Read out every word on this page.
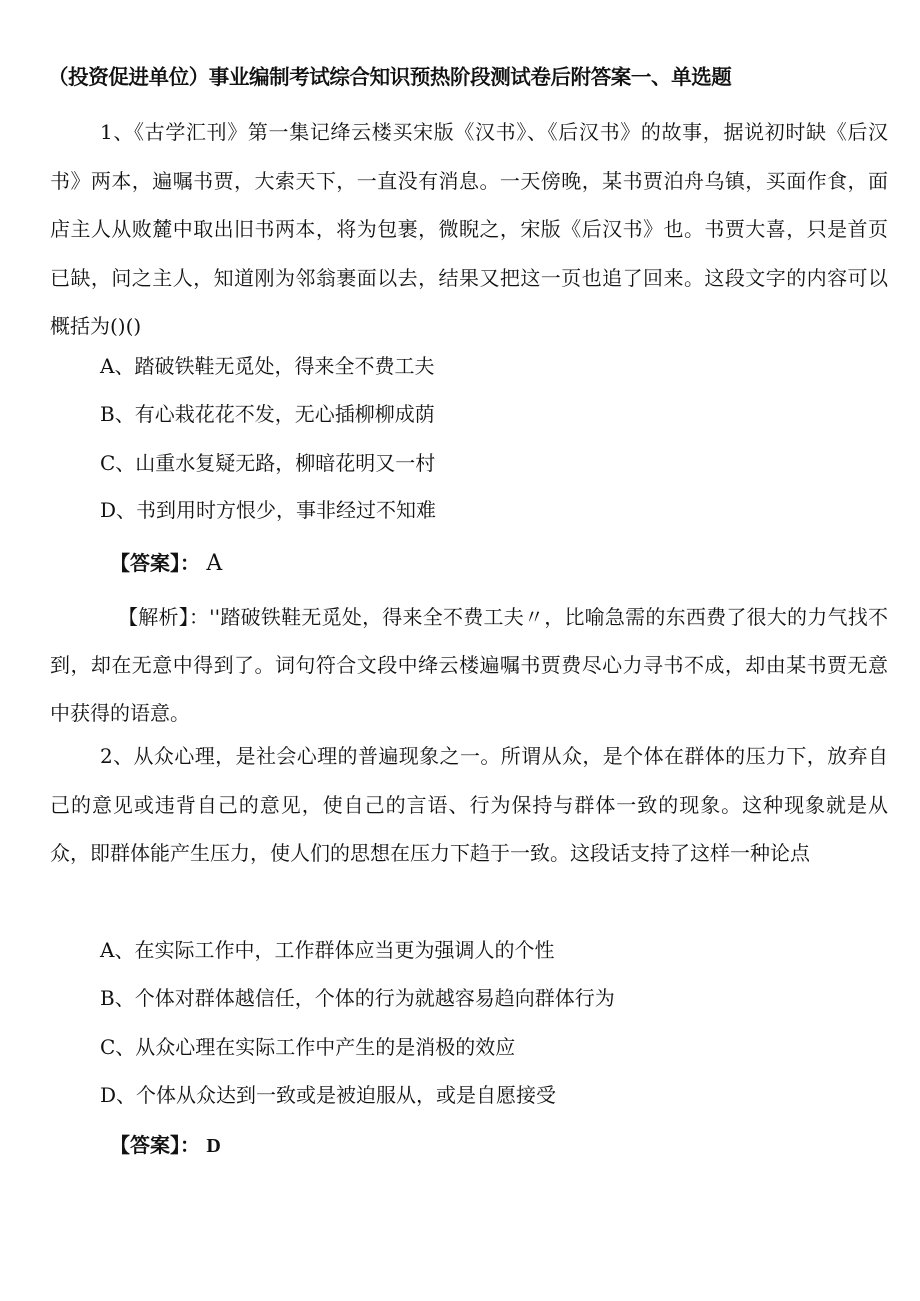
（投资促进单位）事业编制考试综合知识预热阶段测试卷后附答案一、单选题
1、《古学汇刊》第一集记绛云楼买宋版《汉书》、《后汉书》的故事，据说初时缺《后汉书》两本，遍嘱书贾，大索天下，一直没有消息。一天傍晚，某书贾泊舟乌镇，买面作食，面店主人从败麓中取出旧书两本，将为包裹，微睨之，宋版《后汉书》也。书贾大喜，只是首页已缺，问之主人，知道刚为邻翁裹面以去，结果又把这一页也追了回来。这段文字的内容可以概括为()()
A、踏破铁鞋无觅处，得来全不费工夫
B、有心栽花花不发，无心插柳柳成荫
C、山重水复疑无路，柳暗花明又一村
D、书到用时方恨少，事非经过不知难
【答案】： A
【解析】：''踏破铁鞋无觅处，得来全不费工夫〃，比喻急需的东西费了很大的力气找不到，却在无意中得到了。词句符合文段中绛云楼遍嘱书贾费尽心力寻书不成，却由某书贾无意中获得的语意。
2、从众心理，是社会心理的普遍现象之一。所谓从众，是个体在群体的压力下，放弃自己的意见或违背自己的意见，使自己的言语、行为保持与群体一致的现象。这种现象就是从众，即群体能产生压力，使人们的思想在压力下趋于一致。这段话支持了这样一种论点
A、在实际工作中，工作群体应当更为强调人的个性
B、个体对群体越信任，个体的行为就越容易趋向群体行为
C、从众心理在实际工作中产生的是消极的效应
D、个体从众达到一致或是被迫服从，或是自愿接受
【答案】： D
